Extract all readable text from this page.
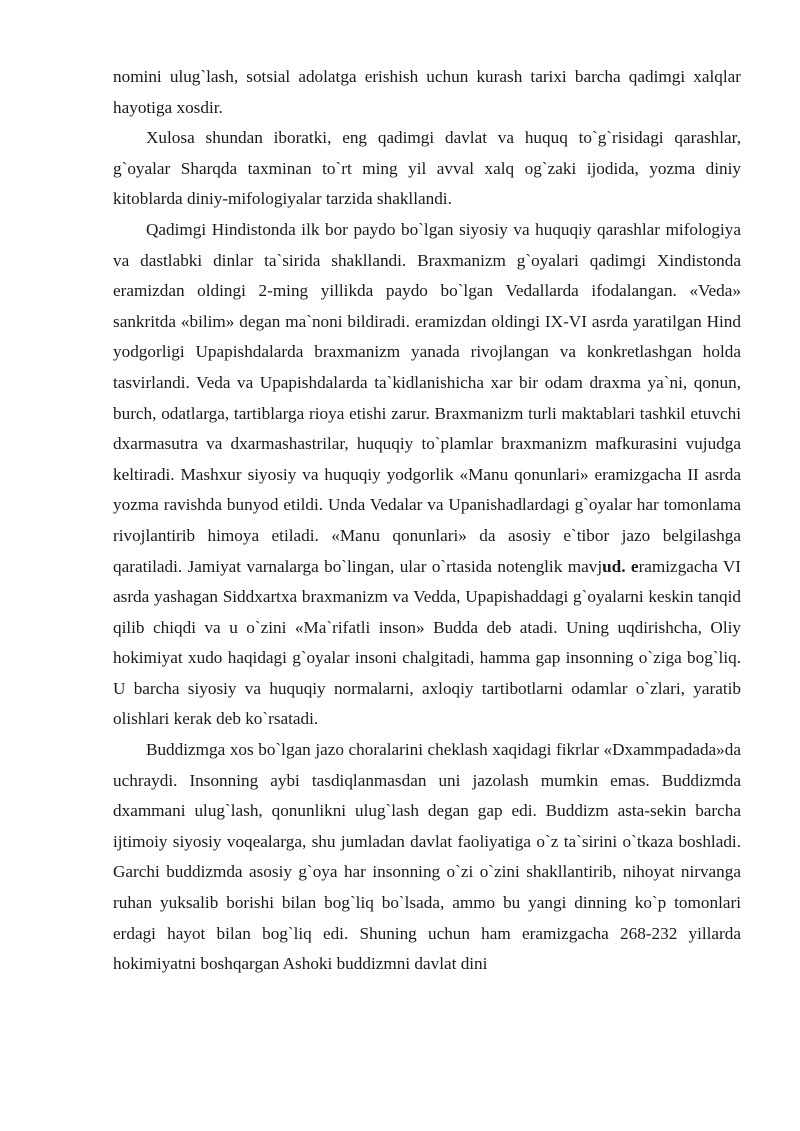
nomini ulug`lash, sotsial adolatga erishish uchun kurash tarixi barcha qadimgi xalqlar hayotiga xosdir.

Xulosa shundan iboratki, eng qadimgi davlat va huquq to`g`risidagi qarashlar, g`oyalar Sharqda taxminan to`rt ming yil avval xalq og`zaki ijodida, yozma diniy kitoblarda diniy-mifologiyalar tarzida shakllandi.

Qadimgi Hindistonda ilk bor paydo bo`lgan siyosiy va huquqiy qarashlar mifologiya va dastlabki dinlar ta`sirida shakllandi. Braxmanizm g`oyalari qadimgi Xindistonda eramizdan oldingi 2-ming yillikda paydo bo`lgan Vedallarda ifodalangan. «Veda» sankritda «bilim» degan ma`noni bildiradi. eramizdan oldingi IX-VI asrda yaratilgan Hind yodgorligi Upapishdalarda braxmanizm yanada rivojlangan va konkretlashgan holda tasvirlandi. Veda va Upapishdalarda ta`kidlanishicha xar bir odam draxma ya`ni, qonun, burch, odatlarga, tartiblarga rioya etishi zarur. Braxmanizm turli maktablari tashkil etuvchi dxarmasutra va dxarmashastrilar, huquqiy to`plamlar braxmanizm mafkurasini vujudga keltiradi. Mashxur siyosiy va huquqiy yodgorlik «Manu qonunlari» eramizgacha II asrda yozma ravishda bunyod etildi. Unda Vedalar va Upanishadlardagi g`oyalar har tomonlama rivojlantirib himoya etiladi. «Manu qonunlari» da asosiy e`tibor jazo belgilashga qaratiladi. Jamiyat varnalarga bo`lingan, ular o`rtasida notenglik mavjud. eramizgacha VI asrda yashagan Siddxartxa braxmanizm va Vedda, Upapishaddagi g`oyalarni keskin tanqid qilib chiqdi va u o`zini «Ma`rifatli inson» Budda deb atadi. Uning uqdirishcha, Oliy hokimiyat xudo haqidagi g`oyalar insoni chalgitadi, hamma gap insonning o`ziga bog`liq. U barcha siyosiy va huquqiy normalarni, axloqiy tartibotlarni odamlar o`zlari, yaratib olishlari kerak deb ko`rsatadi.

Buddizmga xos bo`lgan jazo choralarini cheklash xaqidagi fikrlar «Dxammpadada»da uchraydi. Insonning aybi tasdiqlanmasdan uni jazolash mumkin emas. Buddizmda dxammani ulug`lash, qonunlikni ulug`lash degan gap edi. Buddizm asta-sekin barcha ijtimoiy siyosiy voqealarga, shu jumladan davlat faoliyatiga o`z ta`sirini o`tkaza boshladi. Garchi buddizmda asosiy g`oya har insonning o`zi o`zini shakllantirib, nihoyat nirvanga ruhan yuksalib borishi bilan bog`liq bo`lsada, ammo bu yangi dinning ko`p tomonlari erdagi hayot bilan bog`liq edi. Shuning uchun ham eramizgacha 268-232 yillarda hokimiyatni boshqargan Ashoki buddizmni davlat dini
